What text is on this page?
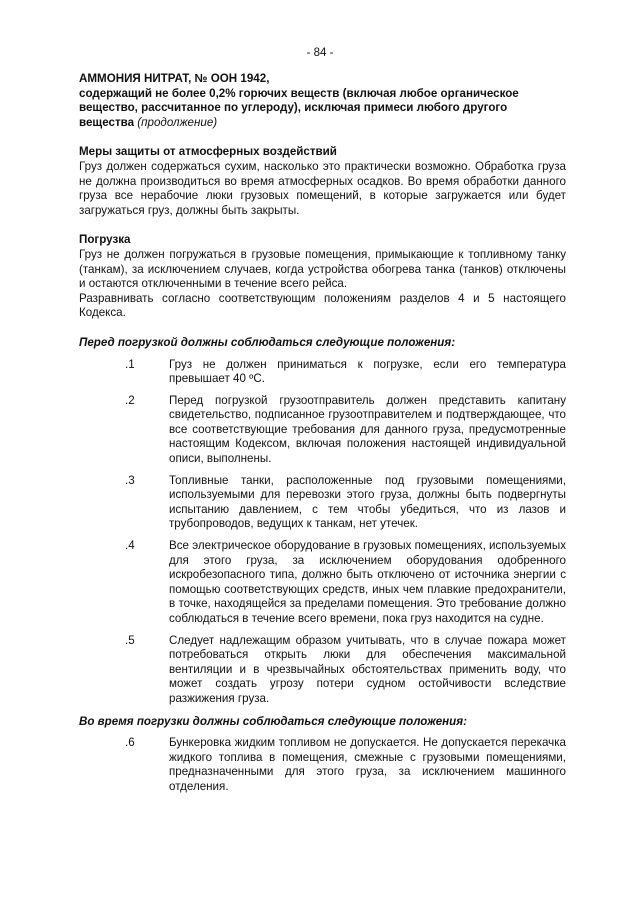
- 84 -
АММОНИЯ НИТРАТ, № ООН 1942,
содержащий не более 0,2% горючих веществ (включая любое органическое
вещество, рассчитанное по углероду), исключая примеси любого другого
вещества (продолжение)
Меры защиты от атмосферных воздействий
Груз должен содержаться сухим, насколько это практически возможно. Обработка груза не должна производиться во время атмосферных осадков. Во время обработки данного груза все нерабочие люки грузовых помещений, в которые загружается или будет загружаться груз, должны быть закрыты.
Погрузка
Груз не должен погружаться в грузовые помещения, примыкающие к топливному танку (танкам), за исключением случаев, когда устройства обогрева танка (танков) отключены и остаются отключенными в течение всего рейса.
Разравнивать согласно соответствующим положениям разделов 4 и 5 настоящего Кодекса.
Перед погрузкой должны соблюдаться следующие положения:
.1	Груз не должен приниматься к погрузке, если его температура превышает 40 ºC.
.2	Перед погрузкой грузоотправитель должен представить капитану свидетельство, подписанное грузоотправителем и подтверждающее, что все соответствующие требования для данного груза, предусмотренные настоящим Кодексом, включая положения настоящей индивидуальной описи, выполнены.
.3	Топливные танки, расположенные под грузовыми помещениями, используемыми для перевозки этого груза, должны быть подвергнуты испытанию давлением, с тем чтобы убедиться, что из лазов и трубопроводов, ведущих к танкам, нет утечек.
.4	Все электрическое оборудование в грузовых помещениях, используемых для этого груза, за исключением оборудования одобренного искробезопасного типа, должно быть отключено от источника энергии с помощью соответствующих средств, иных чем плавкие предохранители, в точке, находящейся за пределами помещения. Это требование должно соблюдаться в течение всего времени, пока груз находится на судне.
.5	Следует надлежащим образом учитывать, что в случае пожара может потребоваться открыть люки для обеспечения максимальной вентиляции и в чрезвычайных обстоятельствах применить воду, что может создать угрозу потери судном остойчивости вследствие разжижения груза.
Во время погрузки должны соблюдаться следующие положения:
.6	Бункеровка жидким топливом не допускается. Не допускается перекачка жидкого топлива в помещения, смежные с грузовыми помещениями, предназначенными для этого груза, за исключением машинного отделения.
